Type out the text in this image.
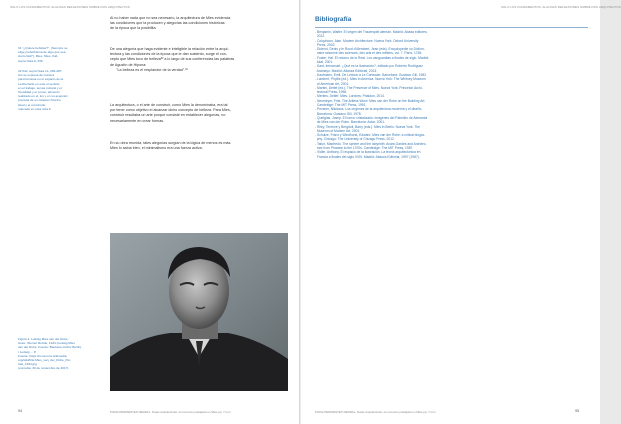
SOLO LOS FUNDAMENTOS: ALGUNAS REFLEXIONES SOBRE DOS ARQUITECTOS
31 "¿Quiere bebidas?", (Siempre se
elige preferiblemente algo que sea
cierto fácil"), Mies. Mies. Ibid.,
supra Nota 9, 336.
32 Ibid, supra Nota 14, 284-287.
Así se expresa de manera
parsimoniosa en el espacio de la
La Rochelle en este el sentido
en el trabajo, temas cultural y el
Tonalidad y el comer, alimento
realizado en el, los y en su acepción
precaria de un carácter hitorico
ideal y el construido
marcado en esta nota 9.
Al no haber nada que no sea necesario, la arquitectura de Mies evidencia
las condiciones que la producen y alegorías las condiciones históricas
de la época que la posibilita.
De una alegoría que haga evidente e inteligible la relación entre la arqui-
tectura y las condiciones de la época que le dan sustento, surge el con-
cepto que Mies tuvo de belleza³² a lo largo de sus conferencias las palabras
de Agustín de Hipona:
"La belleza es el resplandor de la verdad".³³
La arquitectura, o el arte de construir, como Mies la denominaba, era tal
por tener como objetivo el alcanzar dicho concepto de belleza. Para Mies,
construir resultaba un arte porque consiste en establecer alegorías, no
necesariamente en crear formas.
En su obra reunida, tales alegorías surgían de la lógica de menos es más.
Mies lo sabía bien, el minimalismo era una fuerza activa.
Figura 4. Ludwig Mies van der Rohe.
Autor: Werner Rohde, 1934 (Ludwig Mies
van der Rohe, Fuente: Bauhaus-Archiv Berlin)
/ Ludwig ... P.
Fuente: https://commons.wikimedia.
org/wiki/File:Mies_van_der_Rohe_Por-
trait_1934.jpg
(consulta: 30 de noviembre de 2017)
PIANA PENDIENTES NEDRAL. Notas arquitecturas: el momento paisajista en Mies.pp. 7-nnn
94
SOLO LOS FUNDAMENTOS: ALGUNAS REFLEXIONES SOBRE DOS ARQUITECTOS
Bibliografía
- Benjamin, Walter. El origen del Trauerspiel alemán. Madrid: Abada editores,
2012.
- Colquhoun, Alan. Modern Architecture. Nueva York: Oxford University
Press, 2002.
- Diderot, Denis y le Rond d'Alembert, Jean (eds). Encyclopédie ou Diction-
naire raisonné des sciences, des arts et des métiers, vol. 7. París, 1765.
- Foster, Hal. El retorno de lo Real. Los vanguardias a finales de siglo. Madrid:
Akal, 2001.
- Kant, Immanuel. ¿Qué es la Ilustración?, editado por Roberto Rodríguez
Aramayo. Madrid: Alianza Editorial, 2013.
- Kaufmann, Emil. De Ledoux a Le Corbusier. Barcelona: Gustavo Gili, 1982.
- Lambert, Phyllis (ed.). Mies in America. Nueva York: The Whitney Museum
of American Art, 2001.
- Martini, Detlef (ed.). The Presence of Mies. Nueva York: Princeton Archi-
tectural Press, 1996.
- Mertins, Detlef. Mies. Londres: Phaidon, 2014.
- Neumeyer, Fritz. The Artless Word: Mies van der Rohe on the Building Art.
Cambridge: The MIT Press, 1991.
- Pevsner, Nikolaus. Los orígenes de la arquitectura moderna y el diseño.
Barcelona: Gustavo Gili, 1978.
- Quetglas, Josep. El horror cristalizado: Imágenes del Pabellón de Alemania
de Mies van der Rohe. Barcelona: Actar, 2001.
- Riley, Terence y Bergdoll, Barry (eds.). Mies in Berlin. Nueva York: The
Museum of Modern Art, 2001.
- Schulze, Franz y Windhorst, Edward. Mies van der Rohe: a critical biogra-
phy. Chicago: The University of Chicago Press, 2012.
- Tafuri, Manfredo. The sphere and the labyrinth: Avant-Gardes and Architec-
ture from Piranesi to the 1970s. Cambridge: The MIT Press, 1987.
- Vidler, Anthony. El espacio de la ilustración. La teoría arquitectónica en
Francia a finales del siglo XVIII. Madrid: Alianza Editorial, 1997 (1987).
PIANA PENDIENTES NEDRAL. Notas arquitecturas: el momento paisajista en Mies.pp. 7-nnn	95
